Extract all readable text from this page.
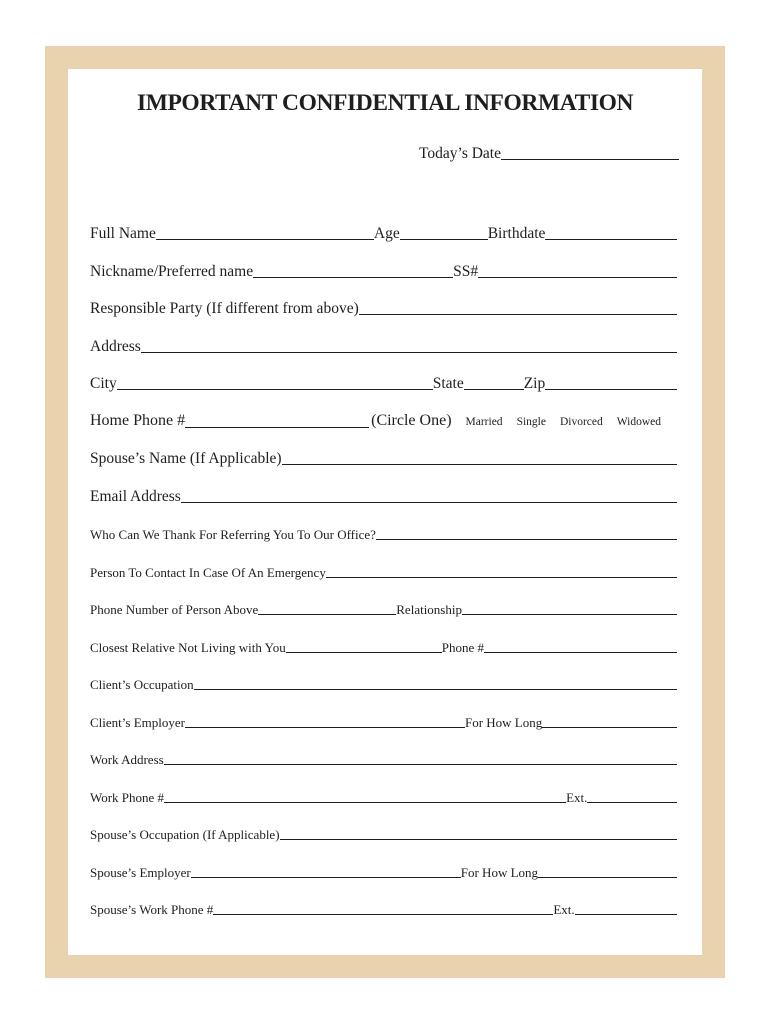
IMPORTANT CONFIDENTIAL INFORMATION
Today’s Date
Full Name	Age	Birthdate
Nickname/Preferred name	SS#
Responsible Party (If different from above)
Address
City	State	Zip
Home Phone #	(Circle One) Married Single Divorced Widowed
Spouse’s Name (If Applicable)
Email Address
Who Can We Thank For Referring You To Our Office?
Person To Contact In Case Of An Emergency
Phone Number of Person Above	Relationship
Closest Relative Not Living with You	Phone #
Client’s Occupation
Client’s Employer	For How Long
Work Address
Work Phone #	Ext.
Spouse’s Occupation (If Applicable)
Spouse’s Employer	For How Long
Spouse’s Work Phone #	Ext.
